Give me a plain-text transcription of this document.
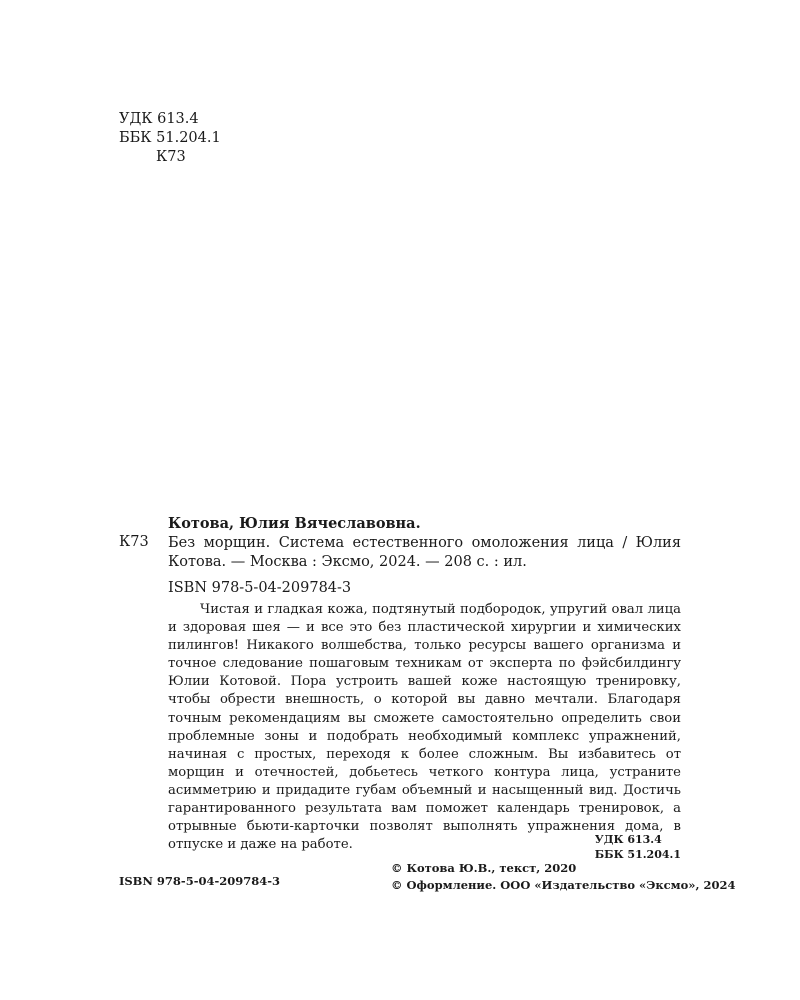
УДК 613.4
ББК 51.204.1
К73
Котова, Юлия Вячеславовна.
К73 Без морщин. Система естественного омоложения лица / Юлия Котова. — Москва : Эксмо, 2024. — 208 с. : ил.
ISBN 978-5-04-209784-3
Чистая и гладкая кожа, подтянутый подбородок, упругий овал лица и здоровая шея — и все это без пластической хирургии и химических пилингов! Никакого волшебства, только ресурсы вашего организма и точное следование пошаговым техникам от эксперта по фэйсбилдингу Юлии Котовой. Пора устроить вашей коже настоящую тренировку, чтобы обрести внешность, о которой вы давно мечтали. Благодаря точным рекомендациям вы сможете самостоятельно определить свои проблемные зоны и подобрать необходимый комплекс упражнений, начиная с простых, переходя к более сложным. Вы избавитесь от морщин и отечностей, добьетесь четкого контура лица, устраните асимметрию и придадите губам объемный и насыщенный вид. Достичь гарантированного результата вам поможет календарь тренировок, а отрывные бьюти-карточки позволят выполнять упражнения дома, в отпуске и даже на работе.	УДК 613.4
ББК 51.204.1
ISBN 978-5-04-209784-3
© Котова Ю.В., текст, 2020
© Оформление. ООО «Издательство «Эксмо», 2024
